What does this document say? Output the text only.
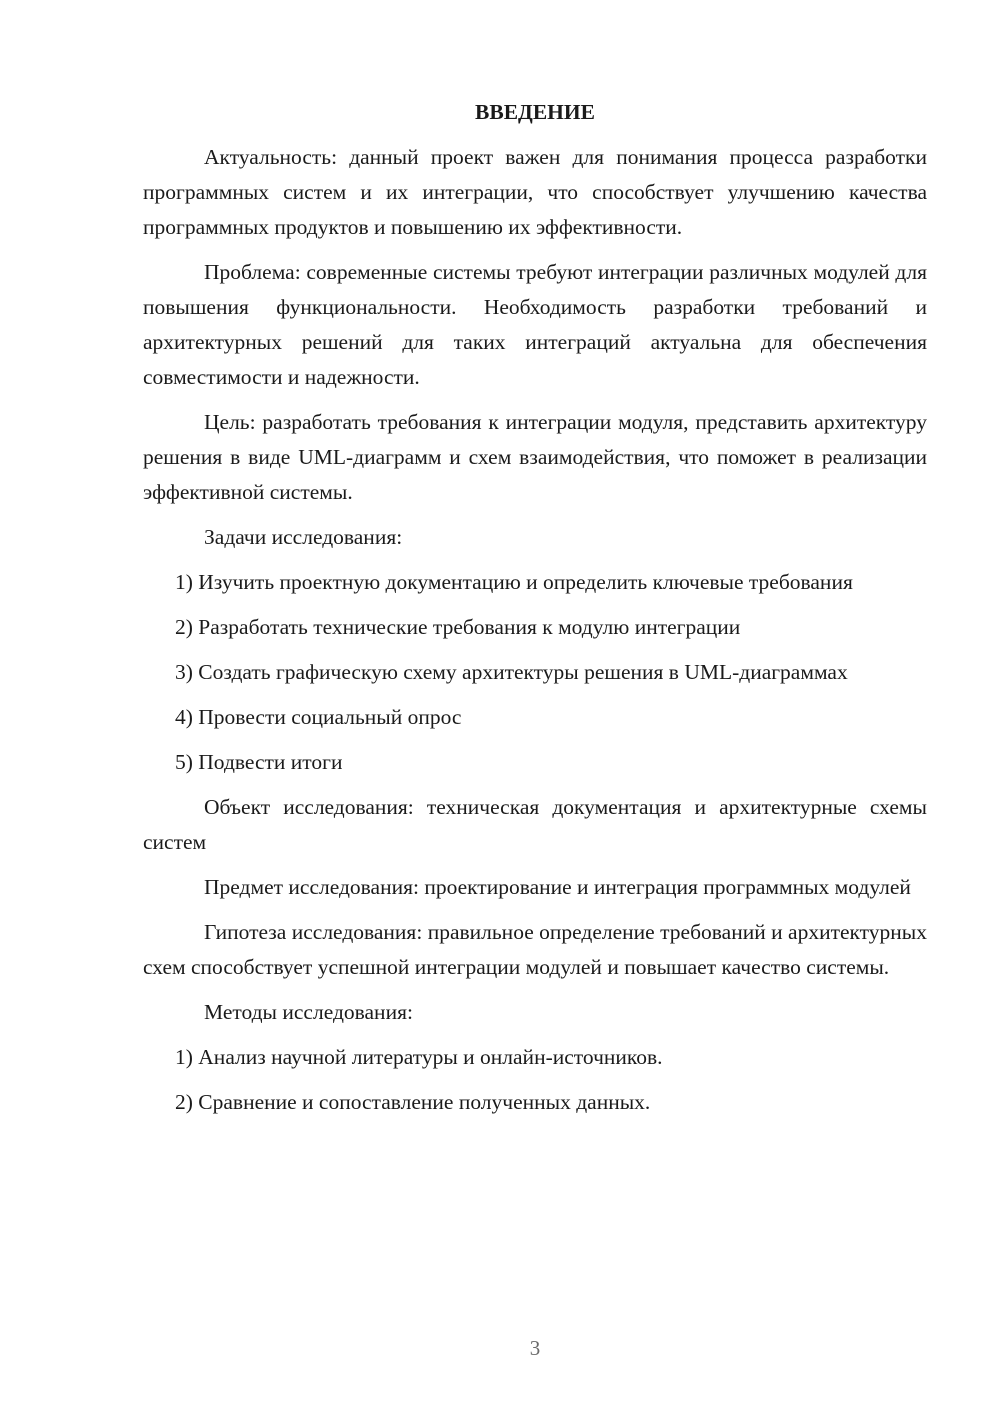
ВВЕДЕНИЕ

Актуальность: данный проект важен для понимания процесса разработки программных систем и их интеграции, что способствует улучшению качества программных продуктов и повышению их эффективности.

Проблема: современные системы требуют интеграции различных модулей для повышения функциональности. Необходимость разработки требований и архитектурных решений для таких интеграций актуальна для обеспечения совместимости и надежности.

Цель: разработать требования к интеграции модуля, представить архитектуру решения в виде UML-диаграмм и схем взаимодействия, что поможет в реализации эффективной системы.

Задачи исследования:

1) Изучить проектную документацию и определить ключевые требования

2) Разработать технические требования к модулю интеграции

3) Создать графическую схему архитектуры решения в UML-диаграммах

4) Провести социальный опрос

5) Подвести итоги

Объект исследования: техническая документация и архитектурные схемы систем

Предмет исследования: проектирование и интеграция программных модулей

Гипотеза исследования: правильное определение требований и архитектурных схем способствует успешной интеграции модулей и повышает качество системы.

Методы исследования:

1) Анализ научной литературы и онлайн-источников.

2) Сравнение и сопоставление полученных данных.

3
